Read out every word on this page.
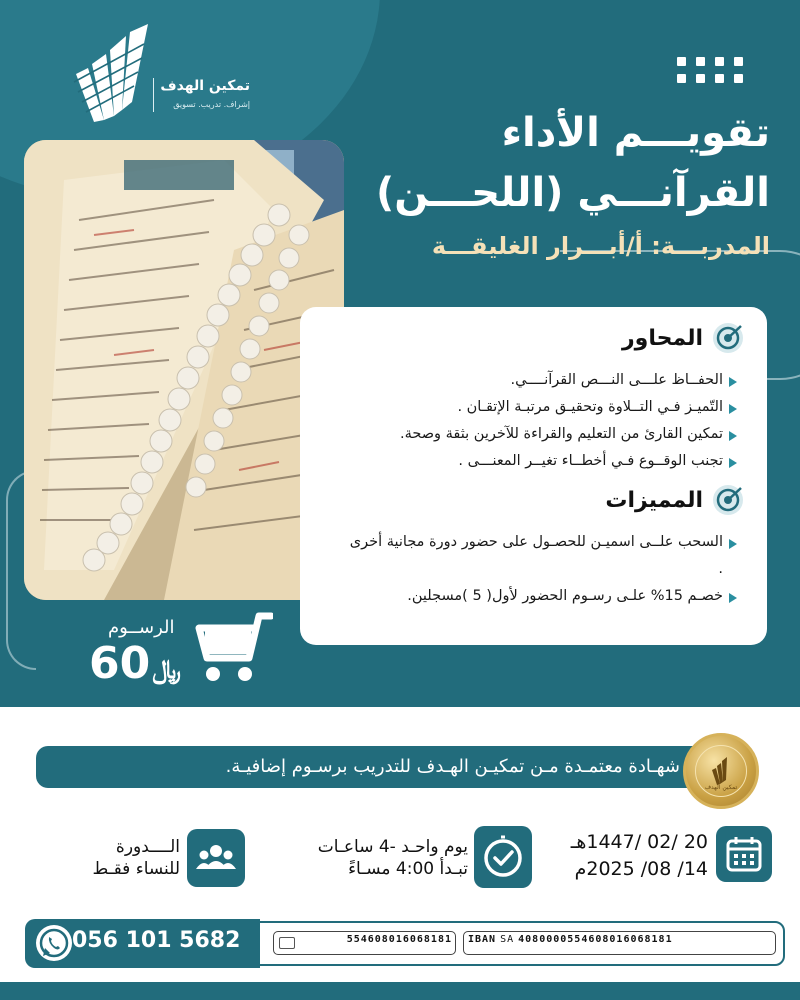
تمكين الهدف
إشراف. تدريب. تسويق
تقويـــم الأداء
القرآنـــي (اللحـــن)
المدربـــة: أ/أبـــرار الغليقـــة
المحاور
الحفــاظ علـــى النـــص القرآنــــي.
التّميـز فـي التــلاوة وتحقيـق مرتبـة الإتقـان .
تمكين القارئ من التعليم والقراءة للآخرين بثقة وصحة.
تجنب الوقــوع فـي أخطــاء تغيــر المعنـــى .
المميزات
السحب علــى اسميـن للحصـول على حضور دورة مجانية أخرى .
خصـم 15% علـى رسـوم الحضور لأول( 5 )مسجلين.
الرســوم
60﷼
شهـادة معتمـدة مـن تمكيـن الهـدف للتدريب برسـوم إضافيـة.
تمكين الهدف
20 /02 /1447هـ
14/ 08/ 2025م
يوم واحـد -4 ساعـات
تبـدأ 4:00 مسـاءً
الــــدورة
للنساء فقـط
056 101 5682	554608016068181 IBAN SA 4080000554608016068181
